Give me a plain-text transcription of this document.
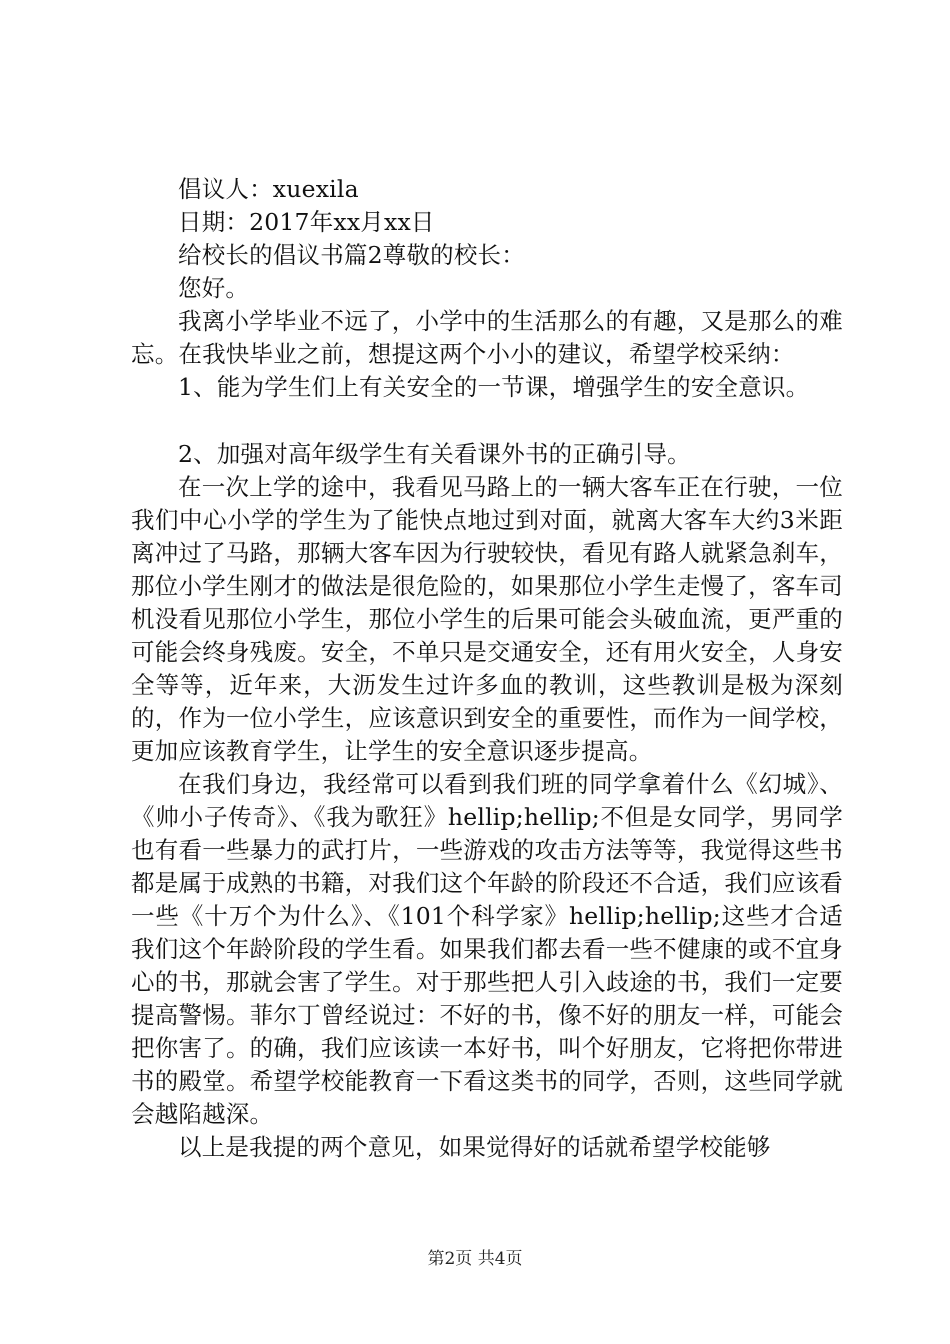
倡议人：xuexila

日期：2017年xx月xx日

给校长的倡议书篇2尊敬的校长：

您好。

我离小学毕业不远了，小学中的生活那么的有趣，又是那么的难忘。在我快毕业之前，想提这两个小小的建议，希望学校采纳：

1、能为学生们上有关安全的一节课，增强学生的安全意识。

2、加强对高年级学生有关看课外书的正确引导。

在一次上学的途中，我看见马路上的一辆大客车正在行驶，一位我们中心小学的学生为了能快点地过到对面，就离大客车大约3米距离冲过了马路，那辆大客车因为行驶较快，看见有路人就紧急刹车，那位小学生刚才的做法是很危险的，如果那位小学生走慢了，客车司机没看见那位小学生，那位小学生的后果可能会头破血流，更严重的可能会终身残废。安全，不单只是交通安全，还有用火安全，人身安全等等，近年来，大沥发生过许多血的教训，这些教训是极为深刻的，作为一位小学生，应该意识到安全的重要性，而作为一间学校，更加应该教育学生，让学生的安全意识逐步提高。

在我们身边，我经常可以看到我们班的同学拿着什么《幻城》、《帅小子传奇》、《我为歌狂》hellip;hellip;不但是女同学，男同学也有看一些暴力的武打片，一些游戏的攻击方法等等，我觉得这些书都是属于成熟的书籍，对我们这个年龄的阶段还不合适，我们应该看一些《十万个为什么》、《101个科学家》hellip;hellip;这些才合适我们这个年龄阶段的学生看。如果我们都去看一些不健康的或不宜身心的书，那就会害了学生。对于那些把人引入歧途的书，我们一定要提高警惕。菲尔丁曾经说过：不好的书，像不好的朋友一样，可能会把你害了。的确，我们应该读一本好书，叫个好朋友，它将把你带进书的殿堂。希望学校能教育一下看这类书的同学，否则，这些同学就会越陷越深。

以上是我提的两个意见，如果觉得好的话就希望学校能够

第2页 共4页
